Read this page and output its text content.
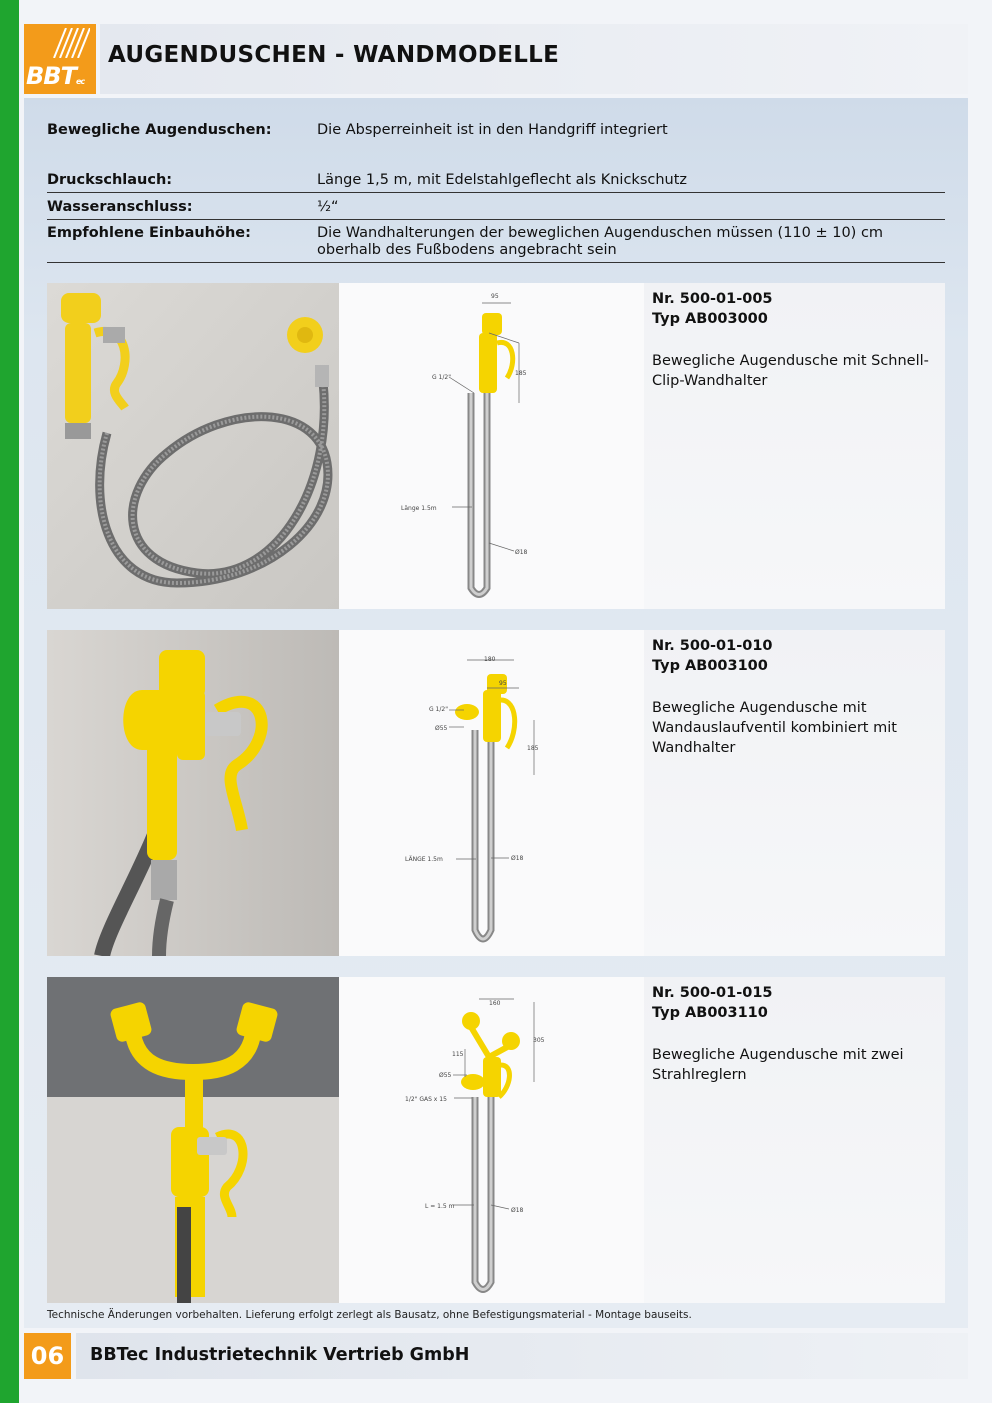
BBTec
AUGENDUSCHEN - WANDMODELLE
Bewegliche Augenduschen:	Die Absperreinheit ist in den Handgriff integriert
Druckschlauch:	Länge 1,5 m, mit Edelstahlgeflecht als Knickschutz
Wasseranschluss:	½“
Empfohlene Einbauhöhe:	Die Wandhalterungen der beweglichen Augenduschen müssen (110 ± 10) cm oberhalb des Fußbodens angebracht sein
95
185
G 1/2"
Länge 1.5m
Ø18
Nr. 500-01-005
Typ AB003000
Bewegliche Augendusche mit Schnell-Clip-Wandhalter
180
95
185
G 1/2"
Ø55
LÄNGE 1.5m	Ø18
Nr. 500-01-010
Typ AB003100
Bewegliche Augendusche mit Wandauslaufventil kombiniert mit Wandhalter
160
305
115
Ø55
1/2" GAS x 15
L = 1.5 m
Ø18
Nr. 500-01-015
Typ AB003110
Bewegliche Augendusche mit zwei Strahlreglern
Technische Änderungen vorbehalten. Lieferung erfolgt zerlegt als Bausatz, ohne Befestigungsmaterial - Montage bauseits.
06	BBTec Industrietechnik Vertrieb GmbH
